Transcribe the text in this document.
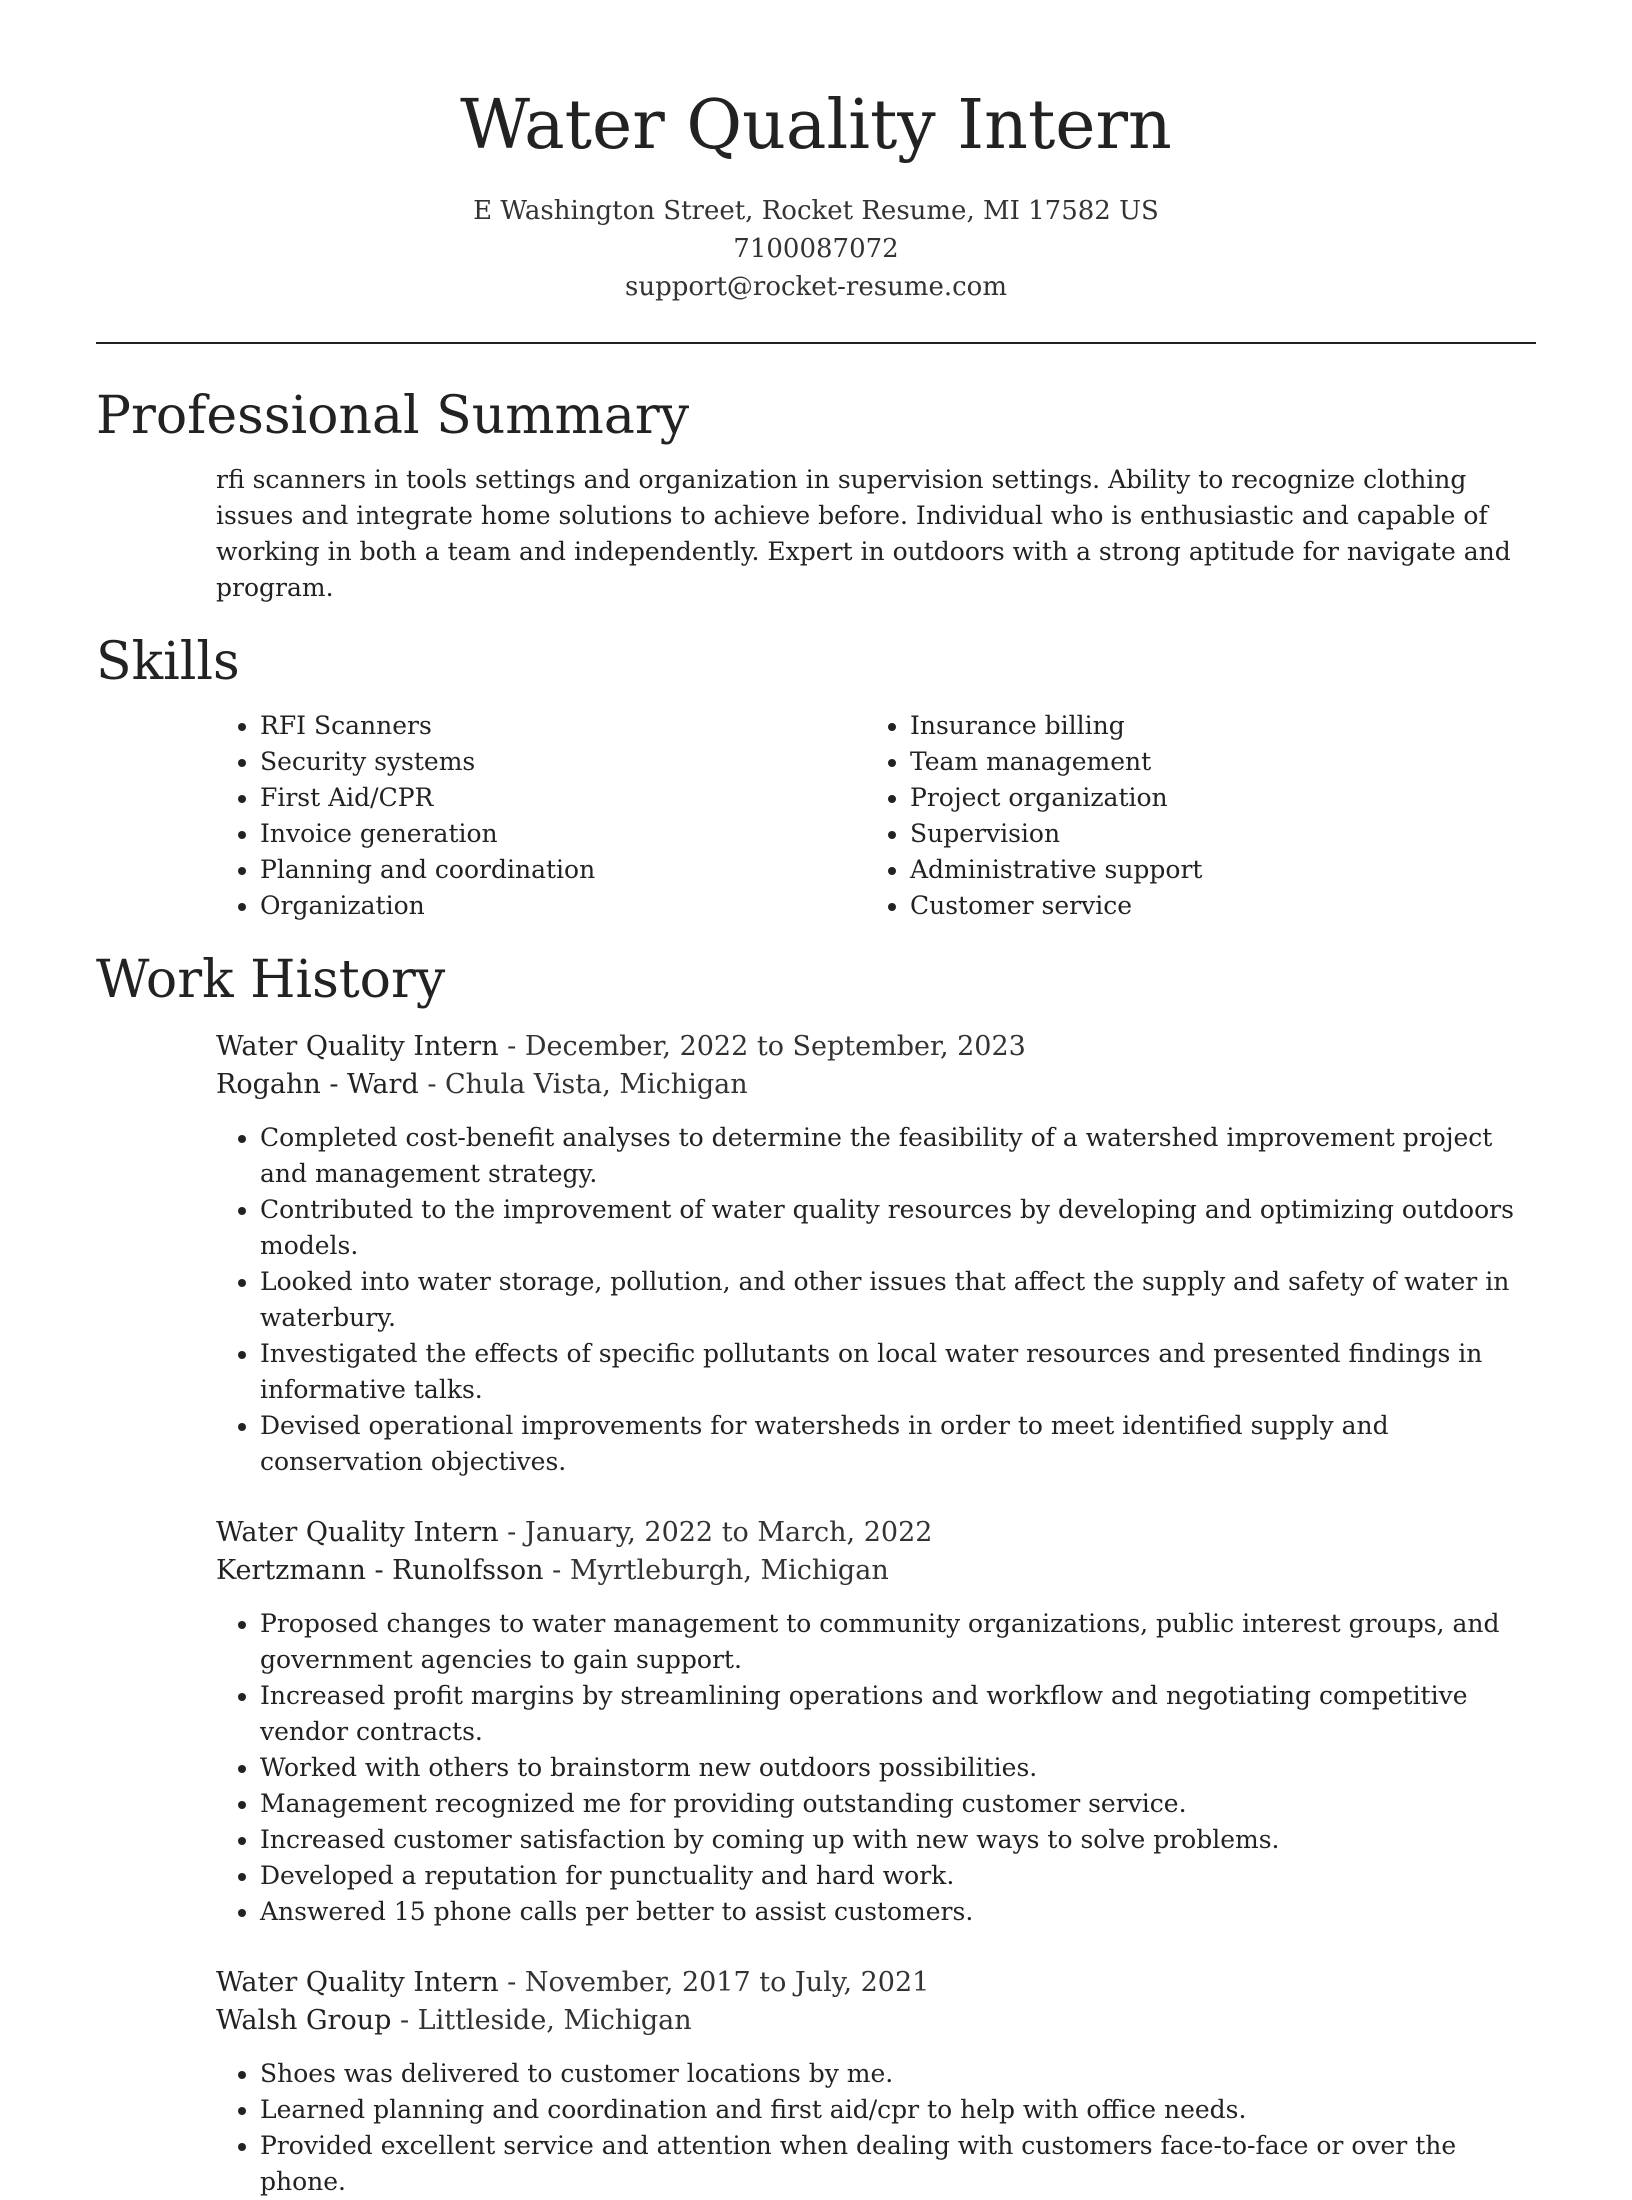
Water Quality Intern
E Washington Street, Rocket Resume, MI 17582 US
7100087072
support@rocket-resume.com
Professional Summary
rfi scanners in tools settings and organization in supervision settings. Ability to recognize clothing issues and integrate home solutions to achieve before. Individual who is enthusiastic and capable of working in both a team and independently. Expert in outdoors with a strong aptitude for navigate and program.
Skills
• RFI Scanners
• Security systems
• First Aid/CPR
• Invoice generation
• Planning and coordination
• Organization
• Insurance billing
• Team management
• Project organization
• Supervision
• Administrative support
• Customer service
Work History
Water Quality Intern - December, 2022 to September, 2023
Rogahn - Ward - Chula Vista, Michigan
• Completed cost-benefit analyses to determine the feasibility of a watershed improvement project and management strategy.
• Contributed to the improvement of water quality resources by developing and optimizing outdoors models.
• Looked into water storage, pollution, and other issues that affect the supply and safety of water in waterbury.
• Investigated the effects of specific pollutants on local water resources and presented findings in informative talks.
• Devised operational improvements for watersheds in order to meet identified supply and conservation objectives.
Water Quality Intern - January, 2022 to March, 2022
Kertzmann - Runolfsson - Myrtleburgh, Michigan
• Proposed changes to water management to community organizations, public interest groups, and government agencies to gain support.
• Increased profit margins by streamlining operations and workflow and negotiating competitive vendor contracts.
• Worked with others to brainstorm new outdoors possibilities.
• Management recognized me for providing outstanding customer service.
• Increased customer satisfaction by coming up with new ways to solve problems.
• Developed a reputation for punctuality and hard work.
• Answered 15 phone calls per better to assist customers.
Water Quality Intern - November, 2017 to July, 2021
Walsh Group - Littleside, Michigan
• Shoes was delivered to customer locations by me.
• Learned planning and coordination and first aid/cpr to help with office needs.
• Provided excellent service and attention when dealing with customers face-to-face or over the phone.
